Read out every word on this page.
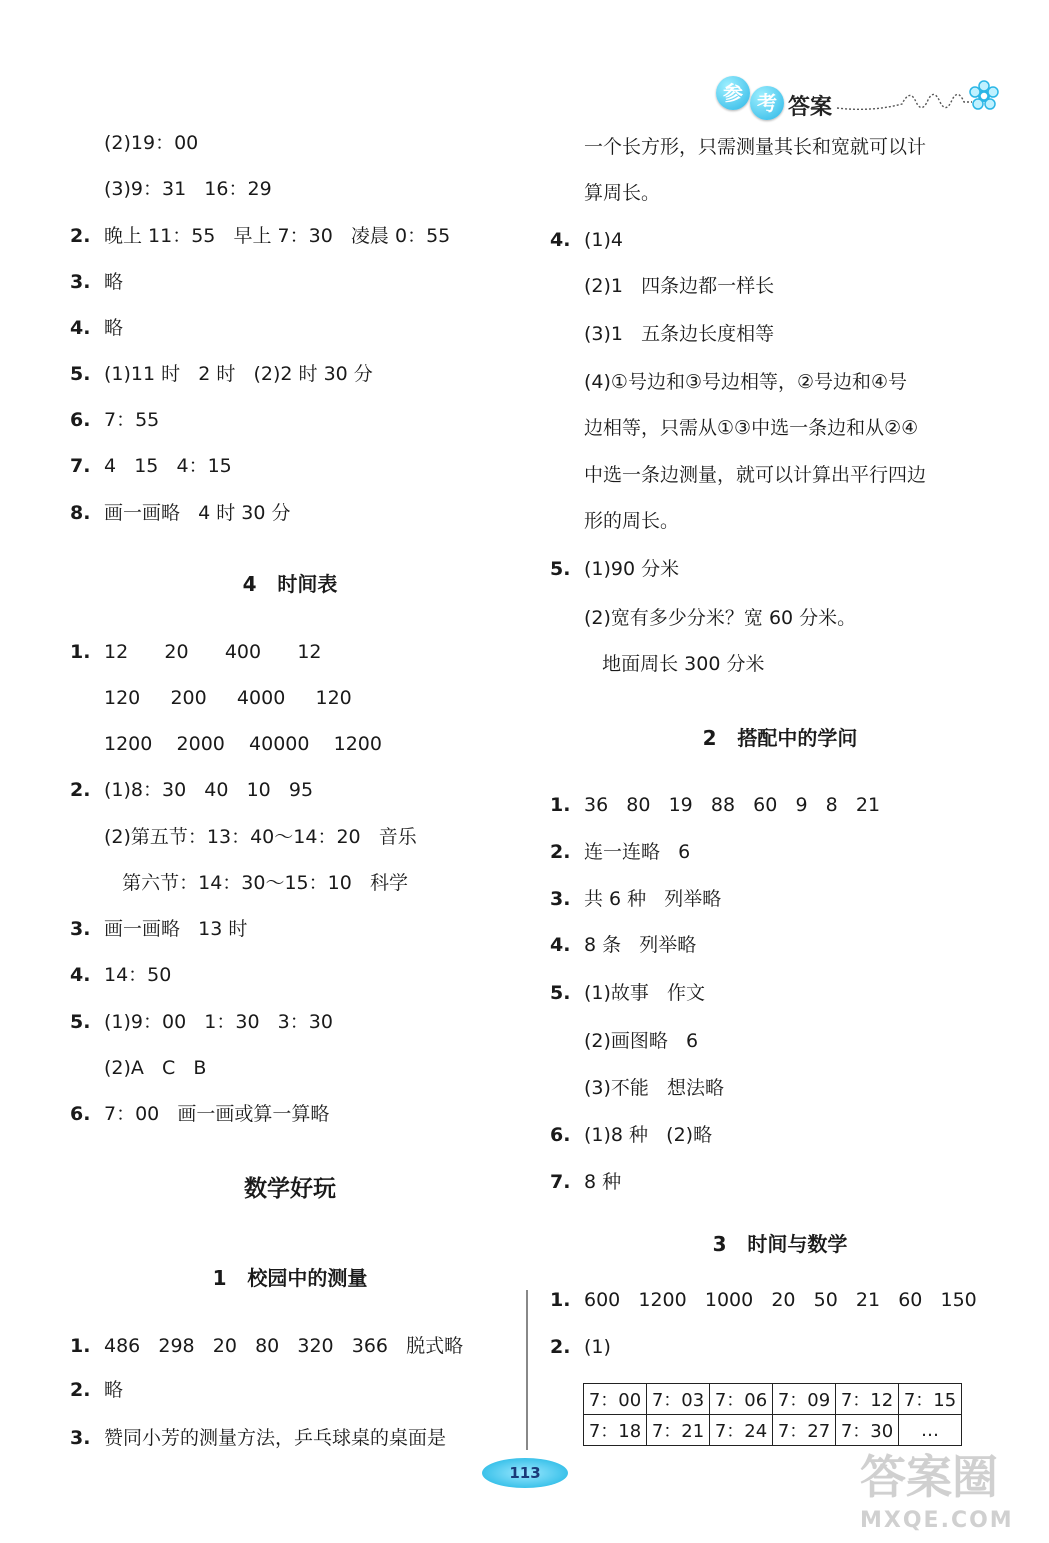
参 考 答案
(2)19：00
(3)9：31   16：29
2. 晚上 11：55   早上 7：30   凌晨 0：55
3. 略
4. 略
5. (1)11 时   2 时   (2)2 时 30 分
6. 7：55
7. 4   15   4：15
8. 画一画略   4 时 30 分
4   时间表
1. 12      20      400      12
120     200     4000     120
1200    2000    40000    1200
2. (1)8：30   40   10   95
(2)第五节：13：40～14：20   音乐
第六节：14：30～15：10   科学
3. 画一画略   13 时
4. 14：50
5. (1)9：00   1：30   3：30
(2)A   C   B
6. 7：00   画一画或算一算略
数学好玩
1   校园中的测量
1. 486   298   20   80   320   366   脱式略
2. 略
3. 赞同小芳的测量方法，乒乓球桌的桌面是
一个长方形，只需测量其长和宽就可以计
算周长。
4. (1)4
(2)1   四条边都一样长
(3)1   五条边长度相等
(4)①号边和③号边相等，②号边和④号
边相等，只需从①③中选一条边和从②④
中选一条边测量，就可以计算出平行四边
形的周长。
5. (1)90 分米
(2)宽有多少分米？宽 60 分米。
地面周长 300 分米
2   搭配中的学问
1. 36   80   19   88   60   9   8   21
2. 连一连略   6
3. 共 6 种   列举略
4. 8 条   列举略
5. (1)故事   作文
(2)画图略   6
(3)不能   想法略
6. (1)8 种   (2)略
7. 8 种
3   时间与数学
1. 600   1200   1000   20   50   21   60   150
2. (1)
7：00	7：03	7：06	7：09	7：12	7：15
7：18	7：21	7：24	7：27	7：30	…
113	答案圈
MXQE.COM
